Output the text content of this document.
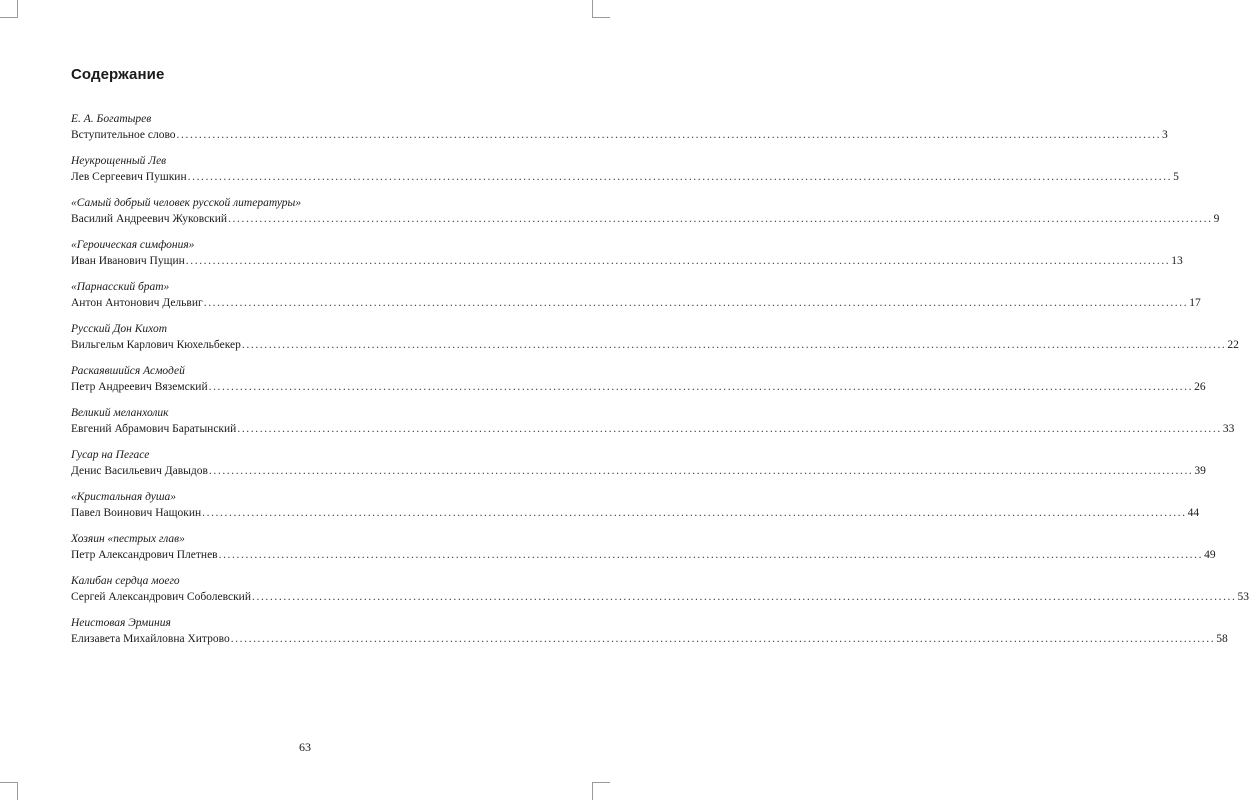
Содержание
Е. А. Богатырев
Вступительное слово ............................................................................................................................................................................................................................ 3
Неукрощенный Лев
Лев Сергеевич Пушкин ............................................................................................................................................................................................................................ 5
«Самый добрый человек русской литературы»
Василий Андреевич Жуковский ............................................................................................................................................................................................................................ 9
«Героическая симфония»
Иван Иванович Пущин ............................................................................................................................................................................................................................ 13
«Парнасский брат»
Антон Антонович Дельвиг ............................................................................................................................................................................................................................ 17
Русский Дон Кихот
Вильгельм Карлович Кюхельбекер ............................................................................................................................................................................................................................ 22
Раскаявшийся Асмодей
Петр Андреевич Вяземский ............................................................................................................................................................................................................................ 26
Великий меланхолик
Евгений Абрамович Баратынский ............................................................................................................................................................................................................................ 33
Гусар на Пегасе
Денис Васильевич Давыдов ............................................................................................................................................................................................................................ 39
«Кристальная душа»
Павел Воинович Нащокин ............................................................................................................................................................................................................................ 44
Хозяин «пестрых глав»
Петр Александрович Плетнев ............................................................................................................................................................................................................................ 49
Калибан сердца моего
Сергей Александрович Соболевский ............................................................................................................................................................................................................................ 53
Неистовая Эрминия
Елизавета Михайловна Хитрово ............................................................................................................................................................................................................................ 58
63
